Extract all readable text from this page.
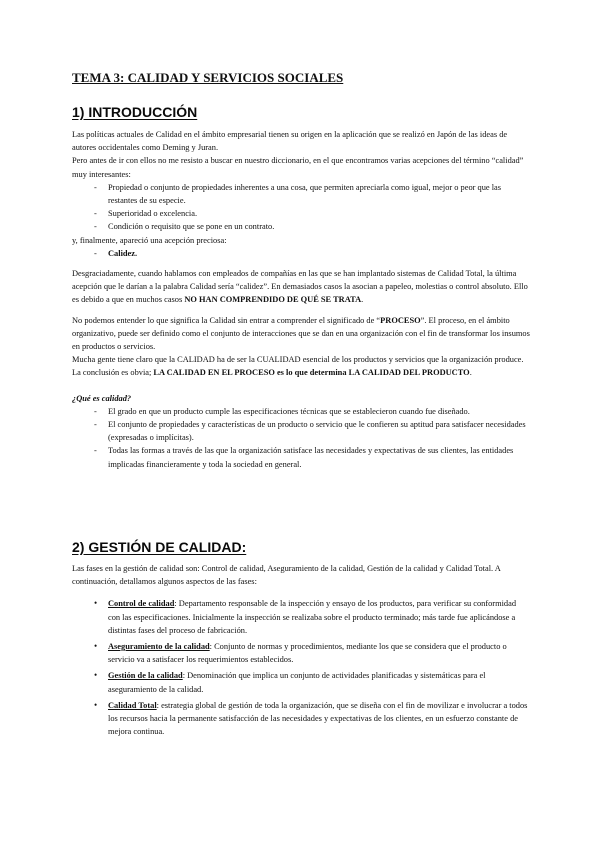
TEMA 3: CALIDAD Y SERVICIOS SOCIALES
1) INTRODUCCIÓN

Las políticas actuales de Calidad en el ámbito empresarial tienen su origen en la aplicación que se realizó en Japón de las ideas de autores occidentales como Deming y Juran.

Pero antes de ir con ellos no me resisto a buscar en nuestro diccionario, en el que encontramos varias acepciones del término “calidad” muy interesantes:

- Propiedad o conjunto de propiedades inherentes a una cosa, que permiten apreciarla como igual, mejor o peor que las restantes de su especie.
- Superioridad o excelencia.
- Condición o requisito que se pone en un contrato.

y, finalmente, apareció una acepción preciosa:

- Calidez.

Desgraciadamente, cuando hablamos con empleados de compañías en las que se han implantado sistemas de Calidad Total, la última acepción que le darían a la palabra Calidad sería “calidez”. En demasiados casos la asocian a papeleo, molestias o control absoluto. Ello es debido a que en muchos casos NO HAN COMPRENDIDO DE QUÉ SE TRATA.

No podemos entender lo que significa la Calidad sin entrar a comprender el significado de “PROCESO”. El proceso, en el ámbito organizativo, puede ser definido como el conjunto de interacciones que se dan en una organización con el fin de transformar los insumos en productos o servicios.

Mucha gente tiene claro que la CALIDAD ha de ser la CUALIDAD esencial de los productos y servicios que la organización produce.

La conclusión es obvia; LA CALIDAD EN EL PROCESO es lo que determina LA CALIDAD DEL PRODUCTO.

¿Qué es calidad?

- El grado en que un producto cumple las especificaciones técnicas que se establecieron cuando fue diseñado.
- El conjunto de propiedades y características de un producto o servicio que le confieren su aptitud para satisfacer necesidades (expresadas o implícitas).
- Todas las formas a través de las que la organización satisface las necesidades y expectativas de sus clientes, las entidades implicadas financieramente y toda la sociedad en general.
2) GESTIÓN DE CALIDAD:

Las fases en la gestión de calidad son: Control de calidad, Aseguramiento de la calidad, Gestión de la calidad y Calidad Total. A continuación, detallamos algunos aspectos de las fases:

• Control de calidad: Departamento responsable de la inspección y ensayo de los productos, para verificar su conformidad con las especificaciones. Inicialmente la inspección se realizaba sobre el producto terminado; más tarde fue aplicándose a distintas fases del proceso de fabricación.
• Aseguramiento de la calidad: Conjunto de normas y procedimientos, mediante los que se considera que el producto o servicio va a satisfacer los requerimientos establecidos.
• Gestión de la calidad: Denominación que implica un conjunto de actividades planificadas y sistemáticas para el aseguramiento de la calidad.
• Calidad Total: estrategia global de gestión de toda la organización, que se diseña con el fin de movilizar e involucrar a todos los recursos hacia la permanente satisfacción de las necesidades y expectativas de los clientes, en un esfuerzo constante de mejora continua.
